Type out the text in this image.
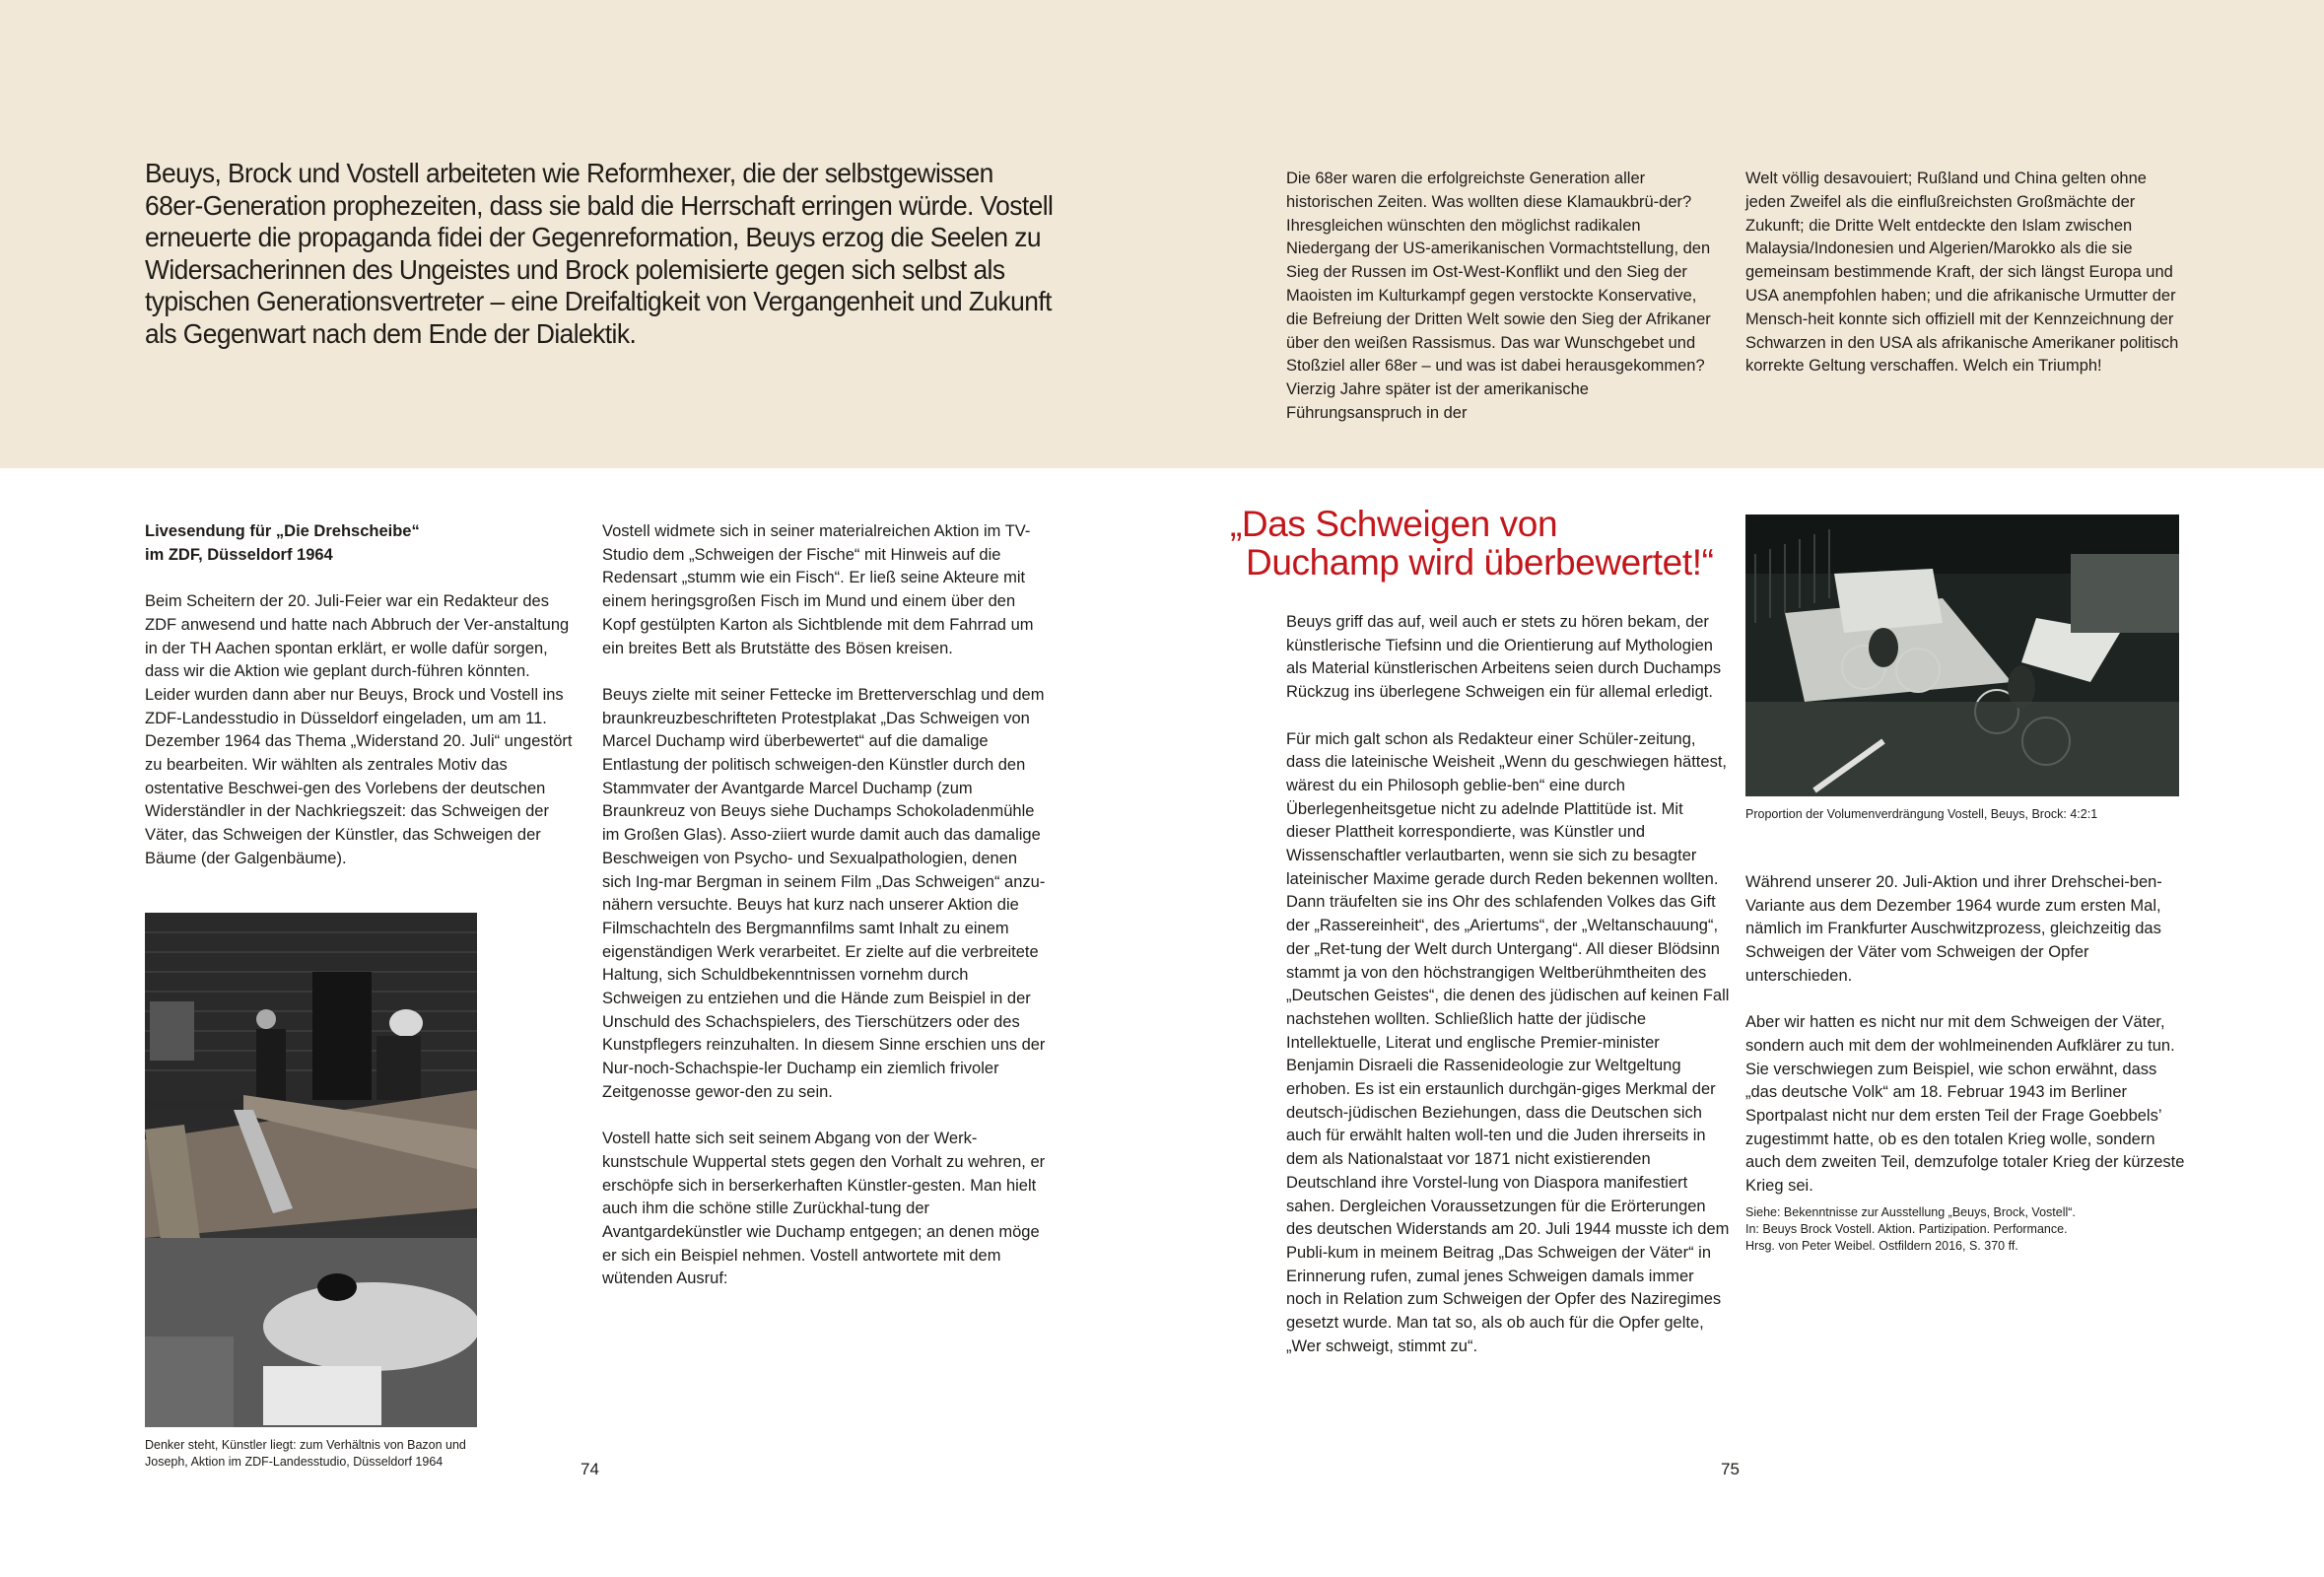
Beuys, Brock und Vostell arbeiteten wie Reformhexer, die der selbstgewissen 68er-Generation prophezeiten, dass sie bald die Herrschaft erringen würde. Vostell erneuerte die propaganda fidei der Gegenreformation, Beuys erzog die Seelen zu Widersacherinnen des Ungeistes und Brock polemisierte gegen sich selbst als typischen Generationsvertreter – eine Dreifaltigkeit von Vergangenheit und Zukunft als Gegenwart nach dem Ende der Dialektik.

Die 68er waren die erfolgreichste Generation aller historischen Zeiten. Was wollten diese Klamaukbrü-der? Ihresgleichen wünschten den möglichst radikalen Niedergang der US-amerikanischen Vormachtstellung, den Sieg der Russen im Ost-West-Konflikt und den Sieg der Maoisten im Kulturkampf gegen verstockte Konservative, die Befreiung der Dritten Welt sowie den Sieg der Afrikaner über den weißen Rassismus. Das war Wunschgebet und Stoßziel aller 68er – und was ist dabei herausgekommen? Vierzig Jahre später ist der amerikanische Führungsanspruch in der

Welt völlig desavouiert; Rußland und China gelten ohne jeden Zweifel als die einflußreichsten Großmächte der Zukunft; die Dritte Welt entdeckte den Islam zwischen Malaysia/Indonesien und Algerien/Marokko als die sie gemeinsam bestimmende Kraft, der sich längst Europa und USA anempfohlen haben; und die afrikanische Urmutter der Mensch-heit konnte sich offiziell mit der Kennzeichnung der Schwarzen in den USA als afrikanische Amerikaner politisch korrekte Geltung verschaffen. Welch ein Triumph!

Livesendung für „Die Drehscheibe“
im ZDF, Düsseldorf 1964

Beim Scheitern der 20. Juli-Feier war ein Redakteur des ZDF anwesend und hatte nach Abbruch der Ver-anstaltung in der TH Aachen spontan erklärt, er wolle dafür sorgen, dass wir die Aktion wie geplant durch-führen könnten. Leider wurden dann aber nur Beuys, Brock und Vostell ins ZDF-Landesstudio in Düsseldorf eingeladen, um am 11. Dezember 1964 das Thema „Widerstand 20. Juli“ ungestört zu bearbeiten. Wir wählten als zentrales Motiv das ostentative Beschwei-gen des Vorlebens der deutschen Widerständler in der Nachkriegszeit: das Schweigen der Väter, das Schweigen der Künstler, das Schweigen der Bäume (der Galgenbäume).

Denker steht, Künstler liegt: zum Verhältnis von Bazon und Joseph, Aktion im ZDF-Landesstudio, Düsseldorf 1964

Vostell widmete sich in seiner materialreichen Aktion im TV-Studio dem „Schweigen der Fische“ mit Hinweis auf die Redensart „stumm wie ein Fisch“. Er ließ seine Akteure mit einem heringsgroßen Fisch im Mund und einem über den Kopf gestülpten Karton als Sichtblende mit dem Fahrrad um ein breites Bett als Brutstätte des Bösen kreisen.

Beuys zielte mit seiner Fettecke im Bretterverschlag und dem braunkreuzbeschrifteten Protestplakat „Das Schweigen von Marcel Duchamp wird überbewertet“ auf die damalige Entlastung der politisch schweigen-den Künstler durch den Stammvater der Avantgarde Marcel Duchamp (zum Braunkreuz von Beuys siehe Duchamps Schokoladenmühle im Großen Glas). Asso-ziiert wurde damit auch das damalige Beschweigen von Psycho- und Sexualpathologien, denen sich Ing-mar Bergman in seinem Film „Das Schweigen“ anzu-nähern versuchte. Beuys hat kurz nach unserer Aktion die Filmschachteln des Bergmannfilms samt Inhalt zu einem eigenständigen Werk verarbeitet. Er zielte auf die verbreitete Haltung, sich Schuldbekenntnissen vornehm durch Schweigen zu entziehen und die Hände zum Beispiel in der Unschuld des Schachspielers, des Tierschützers oder des Kunstpflegers reinzuhalten. In diesem Sinne erschien uns der Nur-noch-Schachspie-ler Duchamp ein ziemlich frivoler Zeitgenosse gewor-den zu sein.

Vostell hatte sich seit seinem Abgang von der Werk-kunstschule Wuppertal stets gegen den Vorhalt zu wehren, er erschöpfe sich in berserkerhaften Künstler-gesten. Man hielt auch ihm die schöne stille Zurückhal-tung der Avantgardekünstler wie Duchamp entgegen; an denen möge er sich ein Beispiel nehmen. Vostell antwortete mit dem wütenden Ausruf:

74
„Das Schweigen von
Duchamp wird überbewertet!“

Beuys griff das auf, weil auch er stets zu hören bekam, der künstlerische Tiefsinn und die Orientierung auf Mythologien als Material künstlerischen Arbeitens seien durch Duchamps Rückzug ins überlegene Schweigen ein für allemal erledigt.

Für mich galt schon als Redakteur einer Schüler-zeitung, dass die lateinische Weisheit „Wenn du geschwiegen hättest, wärest du ein Philosoph geblie-ben“ eine durch Überlegenheitsgetue nicht zu adelnde Plattitüde ist. Mit dieser Plattheit korrespondierte, was Künstler und Wissenschaftler verlautbarten, wenn sie sich zu besagter lateinischer Maxime gerade durch Reden bekennen wollten. Dann träufelten sie ins Ohr des schlafenden Volkes das Gift der „Rassereinheit“, des „Ariertums“, der „Weltanschauung“, der „Ret-tung der Welt durch Untergang“. All dieser Blödsinn stammt ja von den höchstrangigen Weltberühmtheiten des „Deutschen Geistes“, die denen des jüdischen auf keinen Fall nachstehen wollten. Schließlich hatte der jüdische Intellektuelle, Literat und englische Premier-minister Benjamin Disraeli die Rassenideologie zur Weltgeltung erhoben. Es ist ein erstaunlich durchgän-giges Merkmal der deutsch-jüdischen Beziehungen, dass die Deutschen sich auch für erwählt halten woll-ten und die Juden ihrerseits in dem als Nationalstaat vor 1871 nicht existierenden Deutschland ihre Vorstel-lung von Diaspora manifestiert sahen. Dergleichen Voraussetzungen für die Erörterungen des deutschen Widerstands am 20. Juli 1944 musste ich dem Publi-kum in meinem Beitrag „Das Schweigen der Väter“ in Erinnerung rufen, zumal jenes Schweigen damals immer noch in Relation zum Schweigen der Opfer des Naziregimes gesetzt wurde. Man tat so, als ob auch für die Opfer gelte, „Wer schweigt, stimmt zu“.

Proportion der Volumenverdrängung Vostell, Beuys, Brock: 4:2:1

Während unserer 20. Juli-Aktion und ihrer Drehschei-ben-Variante aus dem Dezember 1964 wurde zum ersten Mal, nämlich im Frankfurter Auschwitzprozess, gleichzeitig das Schweigen der Väter vom Schweigen der Opfer unterschieden.

Aber wir hatten es nicht nur mit dem Schweigen der Väter, sondern auch mit dem der wohlmeinenden Aufklärer zu tun. Sie verschwiegen zum Beispiel, wie schon erwähnt, dass „das deutsche Volk“ am 18. Februar 1943 im Berliner Sportpalast nicht nur dem ersten Teil der Frage Goebbels’ zugestimmt hatte, ob es den totalen Krieg wolle, sondern auch dem zweiten Teil, demzufolge totaler Krieg der kürzeste Krieg sei.

Siehe: Bekenntnisse zur Ausstellung „Beuys, Brock, Vostell“.
In: Beuys Brock Vostell. Aktion. Partizipation. Performance.
Hrsg. von Peter Weibel. Ostfildern 2016, S. 370 ff.
75
